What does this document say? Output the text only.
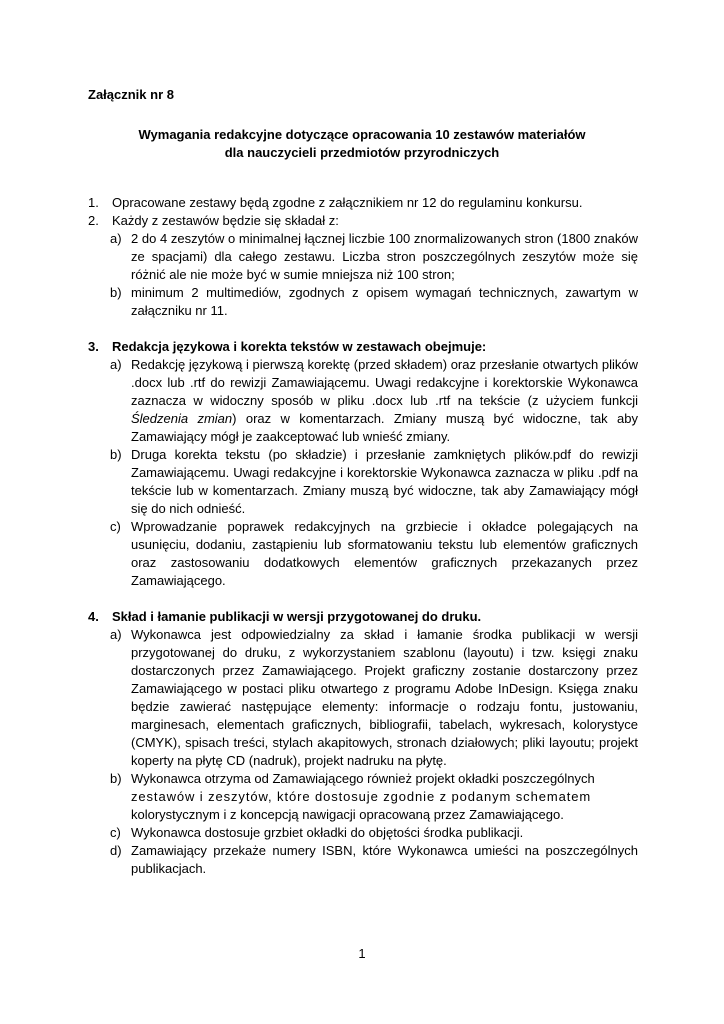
Załącznik nr 8
Wymagania redakcyjne dotyczące opracowania 10 zestawów materiałów
dla nauczycieli przedmiotów przyrodniczych
1. Opracowane zestawy będą zgodne z załącznikiem nr 12 do regulaminu konkursu.
2. Każdy z zestawów będzie się składał z:
a) 2 do 4 zeszytów o minimalnej łącznej liczbie 100 znormalizowanych stron (1800 znaków ze spacjami) dla całego zestawu. Liczba stron poszczególnych zeszytów może się różnić ale nie może być w sumie mniejsza niż 100 stron;
b) minimum 2 multimediów, zgodnych z opisem wymagań technicznych, zawartym w załączniku nr 11.
3. Redakcja językowa i korekta tekstów w zestawach obejmuje:
a) Redakcję językową i pierwszą korektę (przed składem) oraz przesłanie otwartych plików .docx lub .rtf do rewizji Zamawiającemu. Uwagi redakcyjne i korektorskie Wykonawca zaznacza w widoczny sposób w pliku .docx lub .rtf na tekście (z użyciem funkcji Śledzenia zmian) oraz w komentarzach. Zmiany muszą być widoczne, tak aby Zamawiający mógł je zaakceptować lub wnieść zmiany.
b) Druga korekta tekstu (po składzie) i przesłanie zamkniętych plików.pdf do rewizji Zamawiającemu. Uwagi redakcyjne i korektorskie Wykonawca zaznacza w pliku .pdf na tekście lub w komentarzach. Zmiany muszą być widoczne, tak aby Zamawiający mógł się do nich odnieść.
c) Wprowadzanie poprawek redakcyjnych na grzbiecie i okładce polegających na usunięciu, dodaniu, zastąpieniu lub sformatowaniu tekstu lub elementów graficznych oraz zastosowaniu dodatkowych elementów graficznych przekazanych przez Zamawiającego.
4. Skład i łamanie publikacji w wersji przygotowanej do druku.
a) Wykonawca jest odpowiedzialny za skład i łamanie środka publikacji w wersji przygotowanej do druku, z wykorzystaniem szablonu (layoutu) i tzw. księgi znaku dostarczonych przez Zamawiającego. Projekt graficzny zostanie dostarczony przez Zamawiającego w postaci pliku otwartego z programu Adobe InDesign. Księga znaku będzie zawierać następujące elementy: informacje o rodzaju fontu, justowaniu, marginesach, elementach graficznych, bibliografii, tabelach, wykresach, kolorystyce (CMYK), spisach treści, stylach akapitowych, stronach działowych; pliki layoutu; projekt koperty na płytę CD (nadruk), projekt nadruku na płytę.
b) Wykonawca otrzyma od Zamawiającego również projekt okładki poszczególnych
zestawów i zeszytów, które dostosuje zgodnie z podanym schematem
kolorystycznym i z koncepcją nawigacji opracowaną przez Zamawiającego.
c) Wykonawca dostosuje grzbiet okładki do objętości środka publikacji.
d) Zamawiający przekaże numery ISBN, które Wykonawca umieści na poszczególnych publikacjach.
1
